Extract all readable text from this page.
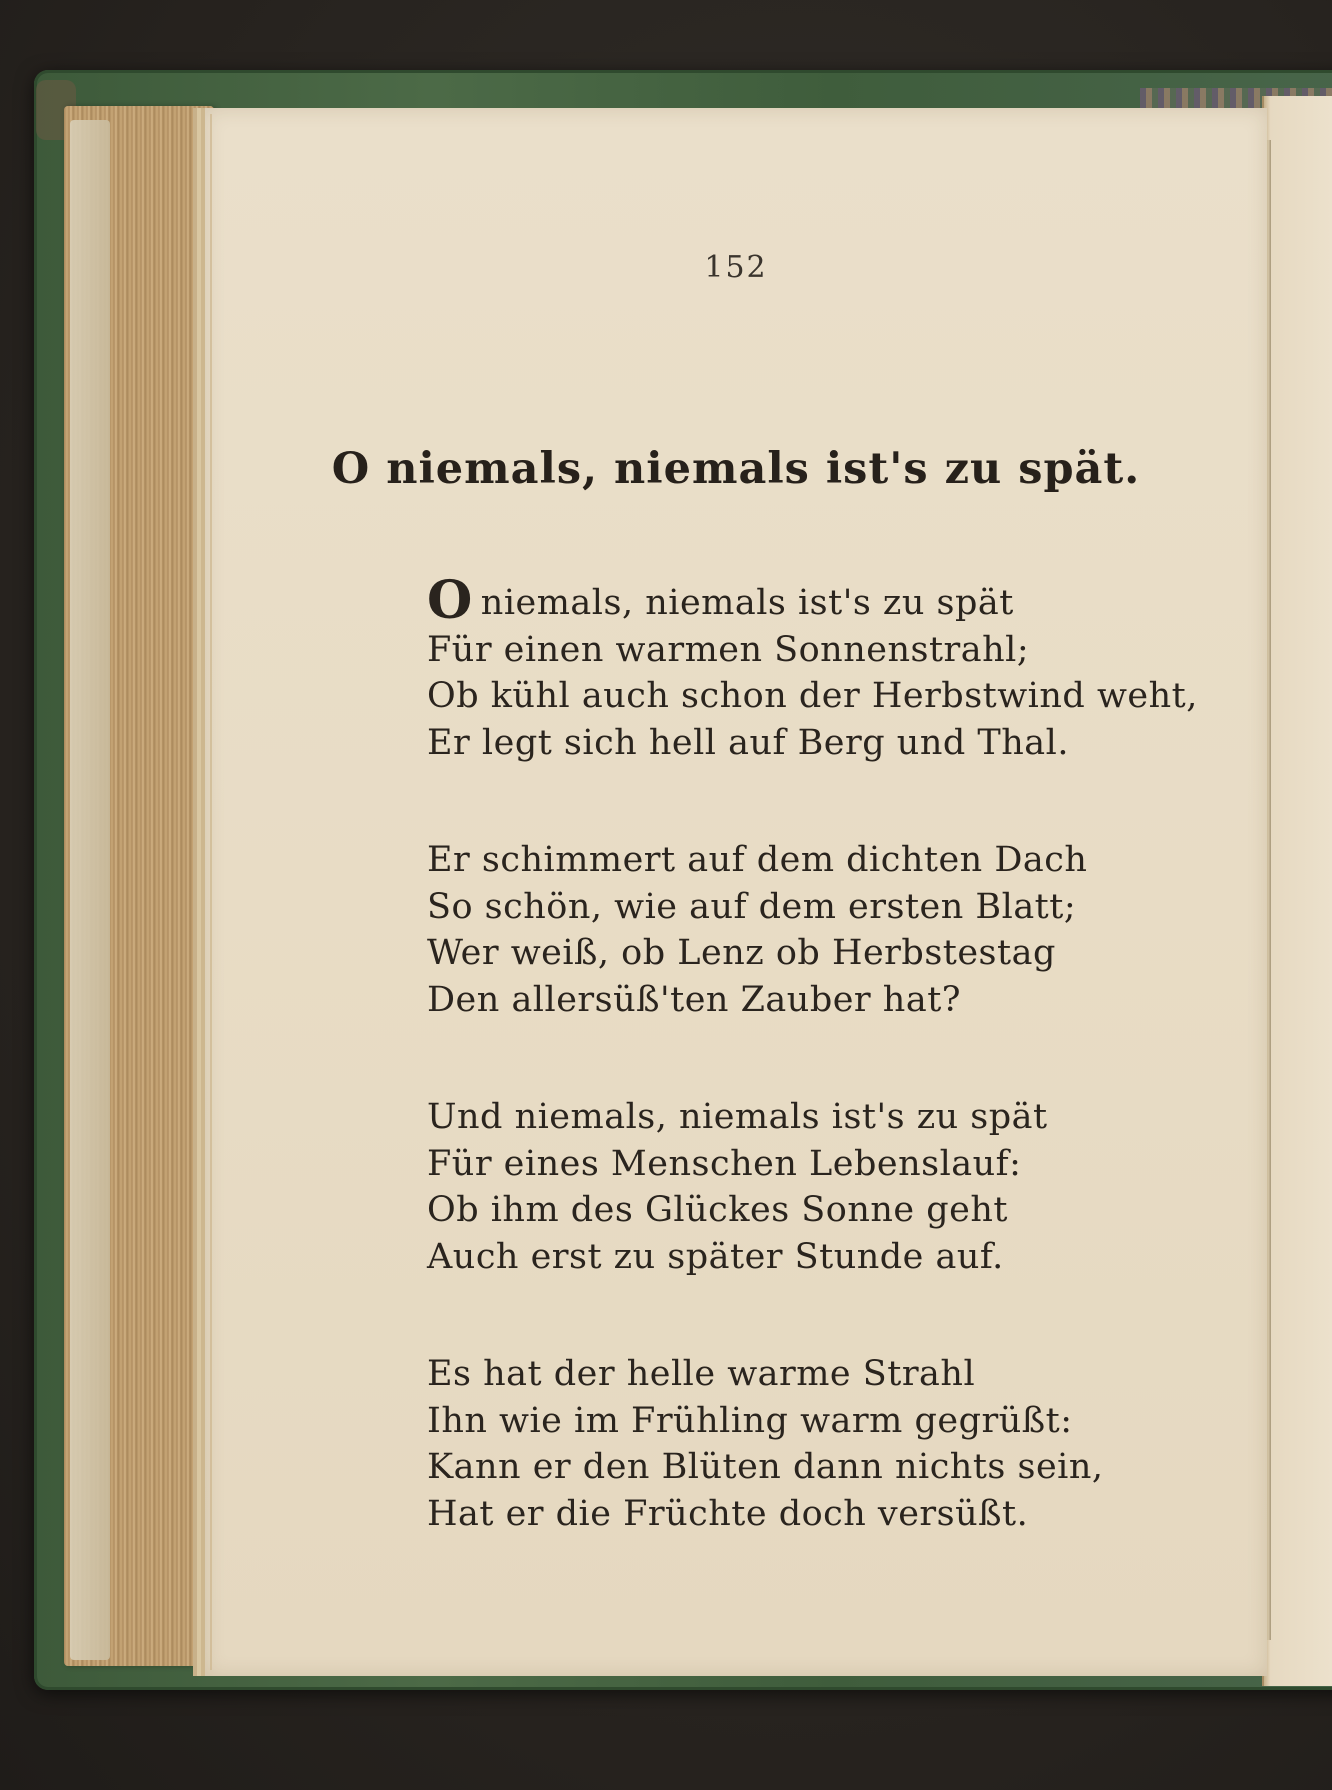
152
O niemals, niemals ist's zu spät.
O niemals, niemals ist's zu spät
Für einen warmen Sonnenstrahl;
Ob kühl auch schon der Herbstwind weht,
Er legt sich hell auf Berg und Thal.
Er schimmert auf dem dichten Dach
So schön, wie auf dem ersten Blatt;
Wer weiß, ob Lenz ob Herbstestag
Den allersüß'ten Zauber hat?
Und niemals, niemals ist's zu spät
Für eines Menschen Lebenslauf:
Ob ihm des Glückes Sonne geht
Auch erst zu später Stunde auf.
Es hat der helle warme Strahl
Ihn wie im Frühling warm gegrüßt:
Kann er den Blüten dann nichts sein,
Hat er die Früchte doch versüßt.
